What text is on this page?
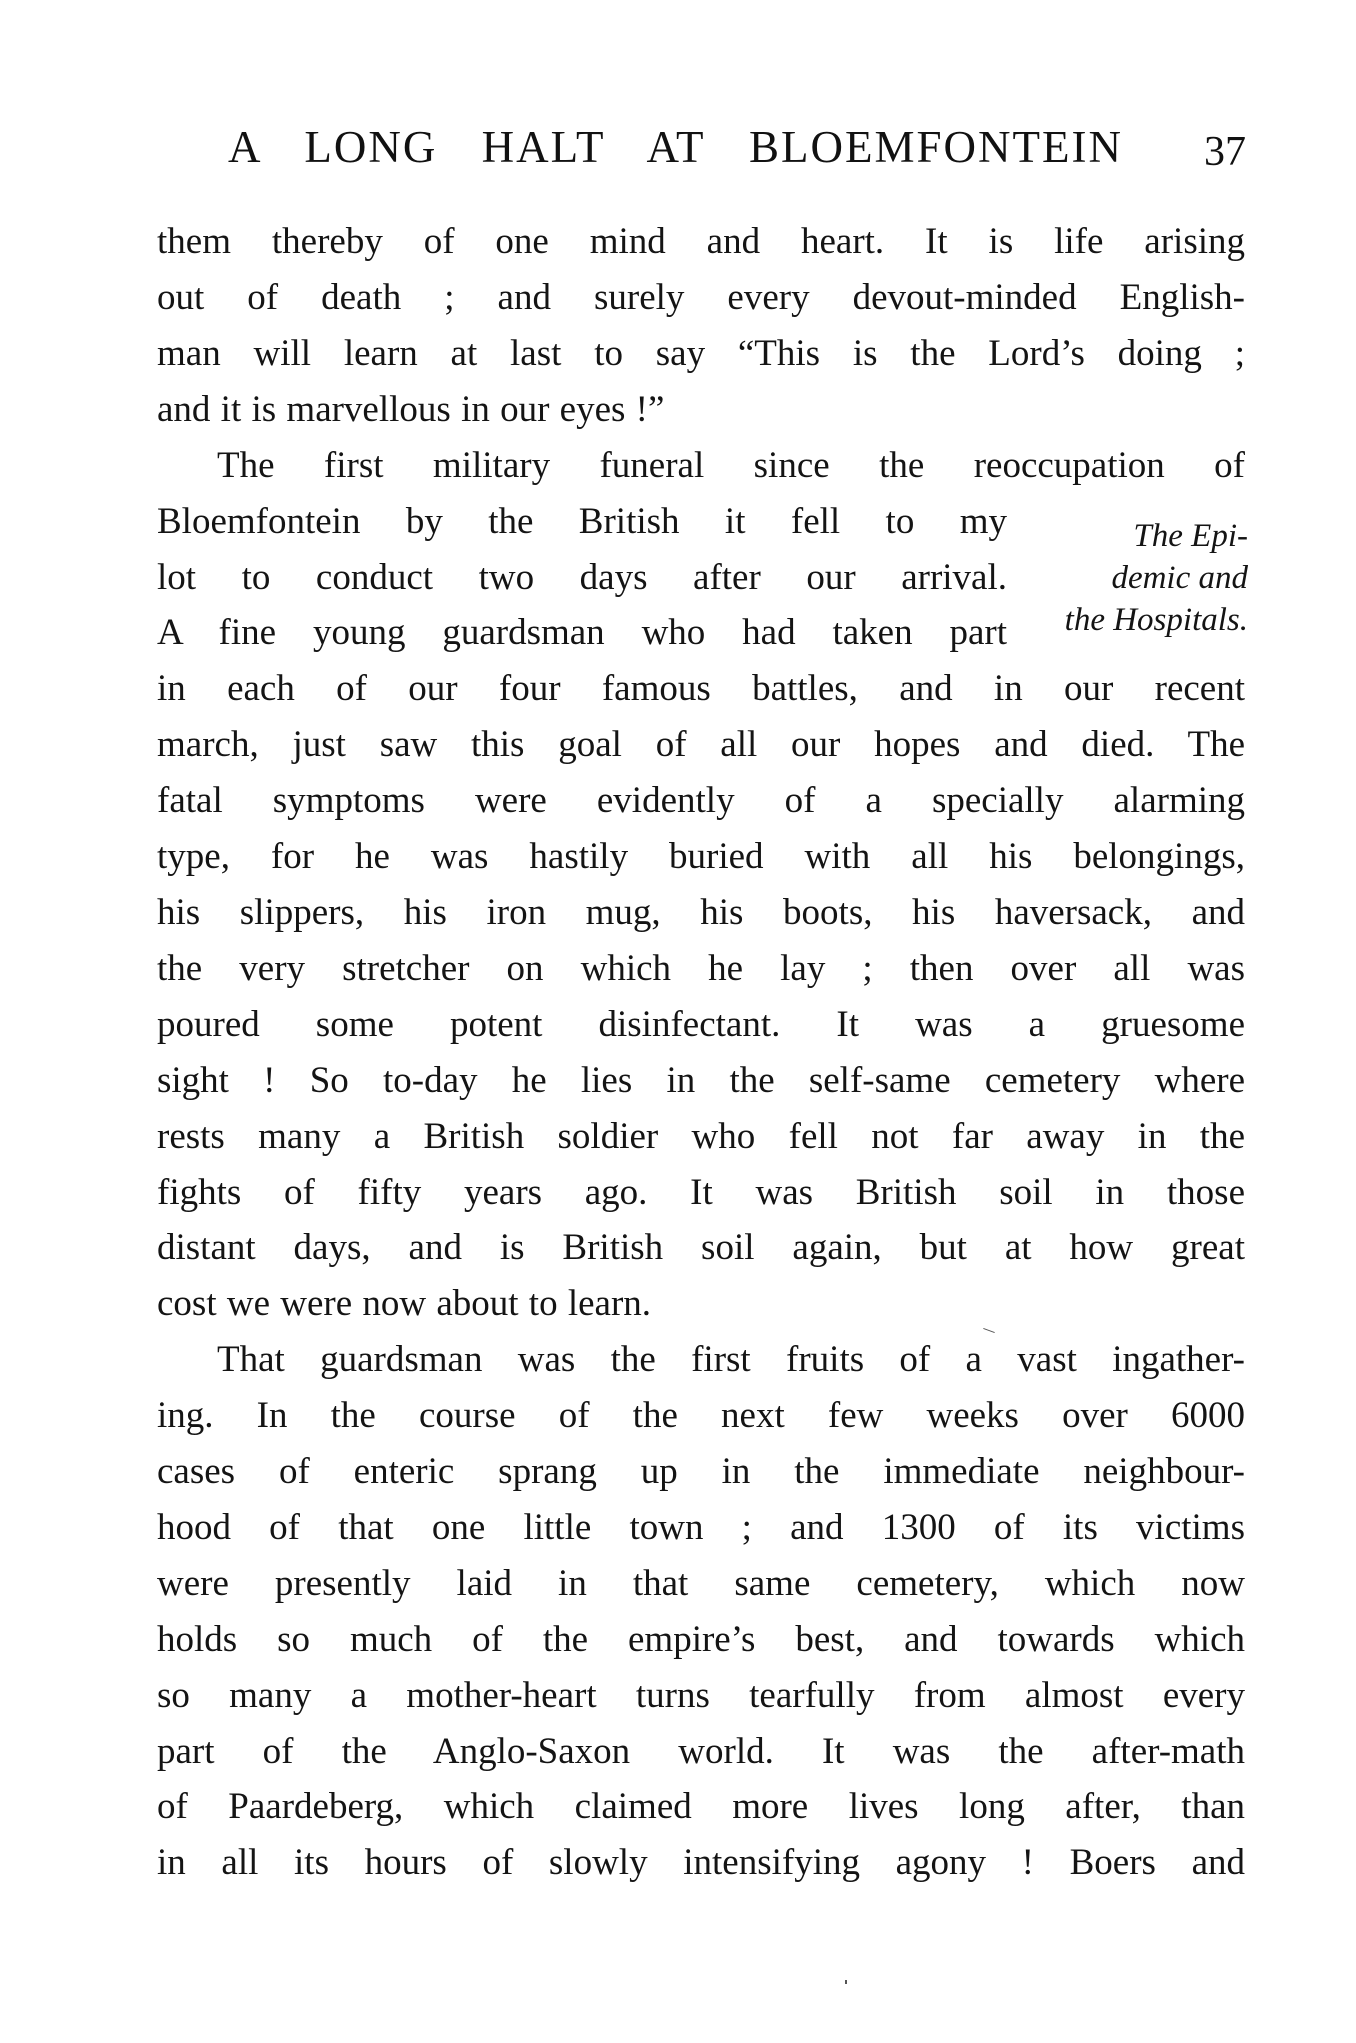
A LONG HALT AT BLOEMFONTEIN 37
them thereby of one mind and heart. It is life arising
out of death ; and surely every devout-minded English-
man will learn at last to say “This is the Lord’s doing ;
and it is marvellous in our eyes !”
The first military funeral since the reoccupation of
Bloemfontein by the British it fell to my
lot to conduct two days after our arrival.
A fine young guardsman who had taken part
in each of our four famous battles, and in our recent
march, just saw this goal of all our hopes and died. The
fatal symptoms were evidently of a specially alarming
type, for he was hastily buried with all his belongings,
his slippers, his iron mug, his boots, his haversack, and
the very stretcher on which he lay ; then over all was
poured some potent disinfectant. It was a gruesome
sight ! So to-day he lies in the self-same cemetery where
rests many a British soldier who fell not far away in the
fights of fifty years ago. It was British soil in those
distant days, and is British soil again, but at how great
cost we were now about to learn.
That guardsman was the first fruits of a vast ingather-
ing. In the course of the next few weeks over 6000
cases of enteric sprang up in the immediate neighbour-
hood of that one little town ; and 1300 of its victims
were presently laid in that same cemetery, which now
holds so much of the empire’s best, and towards which
so many a mother-heart turns tearfully from almost every
part of the Anglo-Saxon world. It was the after-math
of Paardeberg, which claimed more lives long after, than
in all its hours of slowly intensifying agony ! Boers and
The Epi-
demic and
the Hospitals.
